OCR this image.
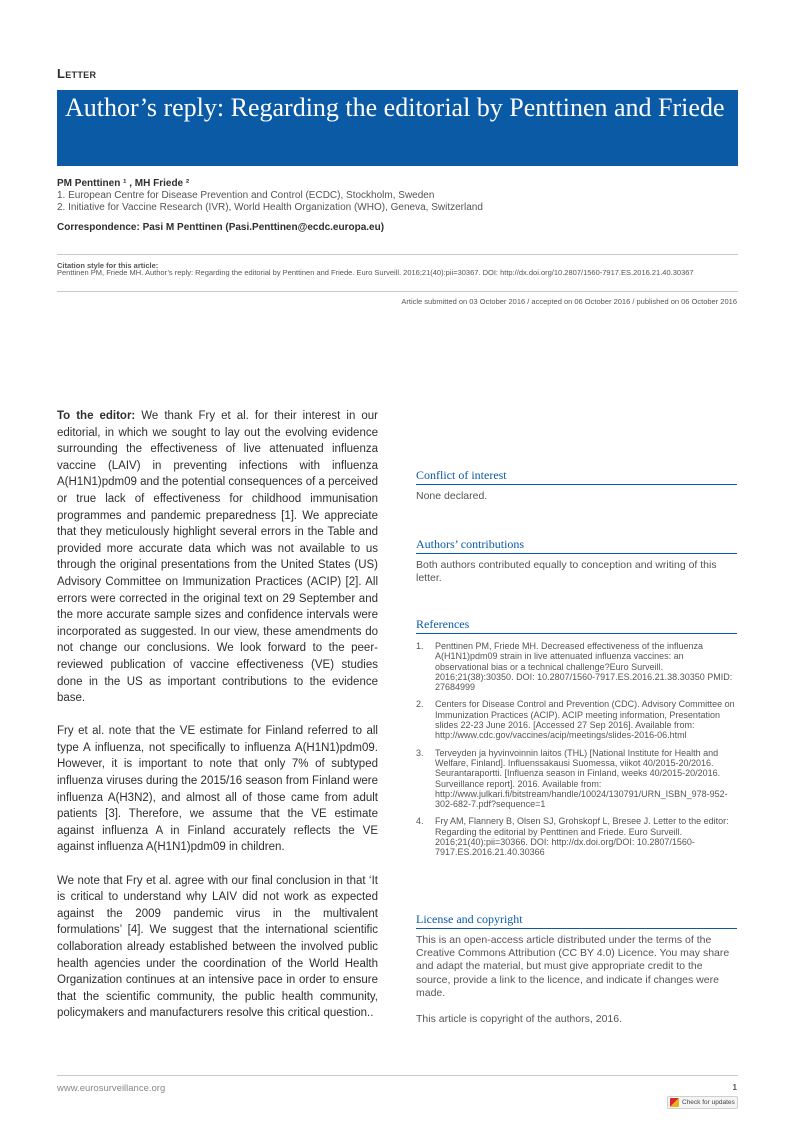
Letter
Author’s reply: Regarding the editorial by Penttinen and Friede
PM Penttinen ¹ , MH Friede ²
1. European Centre for Disease Prevention and Control (ECDC), Stockholm, Sweden
2. Initiative for Vaccine Research (IVR), World Health Organization (WHO), Geneva, Switzerland
Correspondence: Pasi M Penttinen (Pasi.Penttinen@ecdc.europa.eu)
Citation style for this article:
Penttinen PM, Friede MH. Author’s reply: Regarding the editorial by Penttinen and Friede. Euro Surveill. 2016;21(40):pii=30367. DOI: http://dx.doi.org/10.2807/1560-7917.ES.2016.21.40.30367
Article submitted on 03 October 2016 / accepted on 06 October 2016 / published on 06 October 2016

To the editor: We thank Fry et al. for their interest in our editorial, in which we sought to lay out the evolving evidence surrounding the effectiveness of live attenuated influenza vaccine (LAIV) in preventing infections with influenza A(H1N1)pdm09 and the potential consequences of a perceived or true lack of effectiveness for childhood immunisation programmes and pandemic preparedness [1]. We appreciate that they meticulously highlight several errors in the Table and provided more accurate data which was not available to us through the original presentations from the United States (US) Advisory Committee on Immunization Practices (ACIP) [2]. All errors were corrected in the original text on 29 September and the more accurate sample sizes and confidence intervals were incorporated as suggested. In our view, these amendments do not change our conclusions. We look forward to the peer-reviewed publication of vaccine effectiveness (VE) studies done in the US as important contributions to the evidence base.

Fry et al. note that the VE estimate for Finland referred to all type A influenza, not specifically to influenza A(H1N1)pdm09. However, it is important to note that only 7% of subtyped influenza viruses during the 2015/16 season from Finland were influenza A(H3N2), and almost all of those came from adult patients [3]. Therefore, we assume that the VE estimate against influenza A in Finland accurately reflects the VE against influenza A(H1N1)pdm09 in children.

We note that Fry et al. agree with our final conclusion in that ‘It is critical to understand why LAIV did not work as expected against the 2009 pandemic virus in the multivalent formulations’ [4]. We suggest that the international scientific collaboration already established between the involved public health agencies under the coordination of the World Health Organization continues at an intensive pace in order to ensure that the scientific community, the public health community, policymakers and manufacturers resolve this critical question..

Conflict of interest

None declared.

Authors’ contributions

Both authors contributed equally to conception and writing of this letter.

References

1.	Penttinen PM, Friede MH. Decreased effectiveness of the influenza A(H1N1)pdm09 strain in live attenuated influenza vaccines: an observational bias or a technical challenge?Euro Surveill. 2016;21(38):30350. DOI: 10.2807/1560-7917.ES.2016.21.38.30350 PMID: 27684999
2.	Centers for Disease Control and Prevention (CDC). Advisory Committee on Immunization Practices (ACIP). ACIP meeting information, Presentation slides 22-23 June 2016. [Accessed 27 Sep 2016]. Available from: http://www.cdc.gov/vaccines/acip/meetings/slides-2016-06.html
3.	Terveyden ja hyvinvoinnin laitos (THL) [National Institute for Health and Welfare, Finland]. Influenssakausi Suomessa, viikot 40/2015-20/2016. Seurantaraportti. [Influenza season in Finland, weeks 40/2015-20/2016. Surveillance report]. 2016. Available from: http://www.julkari.fi/bitstream/handle/10024/130791/URN_ISBN_978-952-302-682-7.pdf?sequence=1
4.	Fry AM, Flannery B, Olsen SJ, Grohskopf L, Bresee J. Letter to the editor: Regarding the editorial by Penttinen and Friede. Euro Surveill. 2016;21(40):pii=30366. DOI: http://dx.doi.org/DOI: 10.2807/1560-7917.ES.2016.21.40.30366

License and copyright

This is an open-access article distributed under the terms of the Creative Commons Attribution (CC BY 4.0) Licence. You may share and adapt the material, but must give appropriate credit to the source, provide a link to the licence, and indicate if changes were made.

This article is copyright of the authors, 2016.

www.eurosurveillance.org	1
Check for updates
